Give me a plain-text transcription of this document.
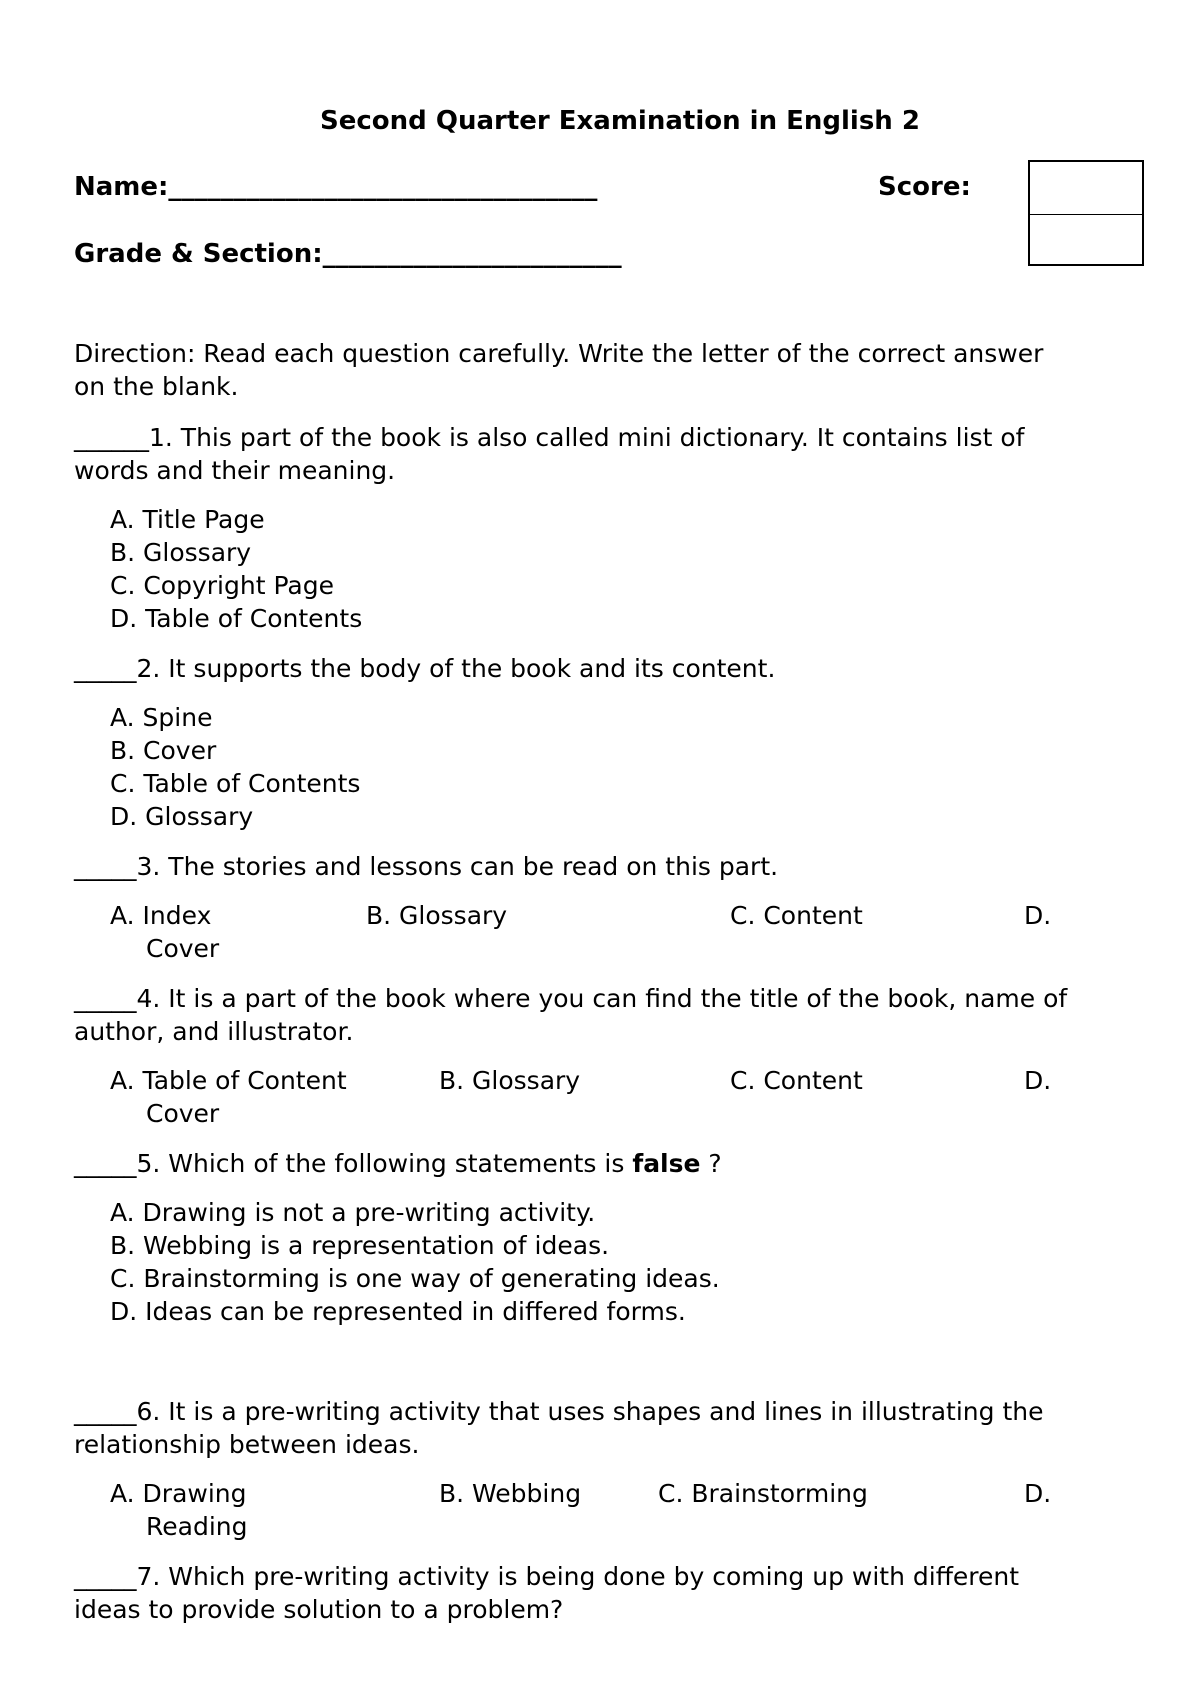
Second Quarter Examination in English 2
Name:_________________________________	Score:
Grade & Section:_______________________
Direction: Read each question carefully. Write the letter of the correct answer
on the blank.
______1. This part of the book is also called mini dictionary. It contains list of
words and their meaning.
A. Title Page
B. Glossary
C. Copyright Page
D. Table of Contents
_____2. It supports the body of the book and its content.
A. Spine
B. Cover
C. Table of Contents
D. Glossary
_____3. The stories and lessons can be read on this part.
A. Index	B. Glossary	C. Content	D.
Cover
_____4. It is a part of the book where you can find the title of the book, name of
author, and illustrator.
A. Table of Content	B. Glossary	C. Content	D.
Cover
_____5. Which of the following statements is false ?
A. Drawing is not a pre-writing activity.
B. Webbing is a representation of ideas.
C. Brainstorming is one way of generating ideas.
D. Ideas can be represented in differed forms.
_____6. It is a pre-writing activity that uses shapes and lines in illustrating the
relationship between ideas.
A. Drawing	B. Webbing	C. Brainstorming	D.
Reading
_____7. Which pre-writing activity is being done by coming up with different
ideas to provide solution to a problem?
